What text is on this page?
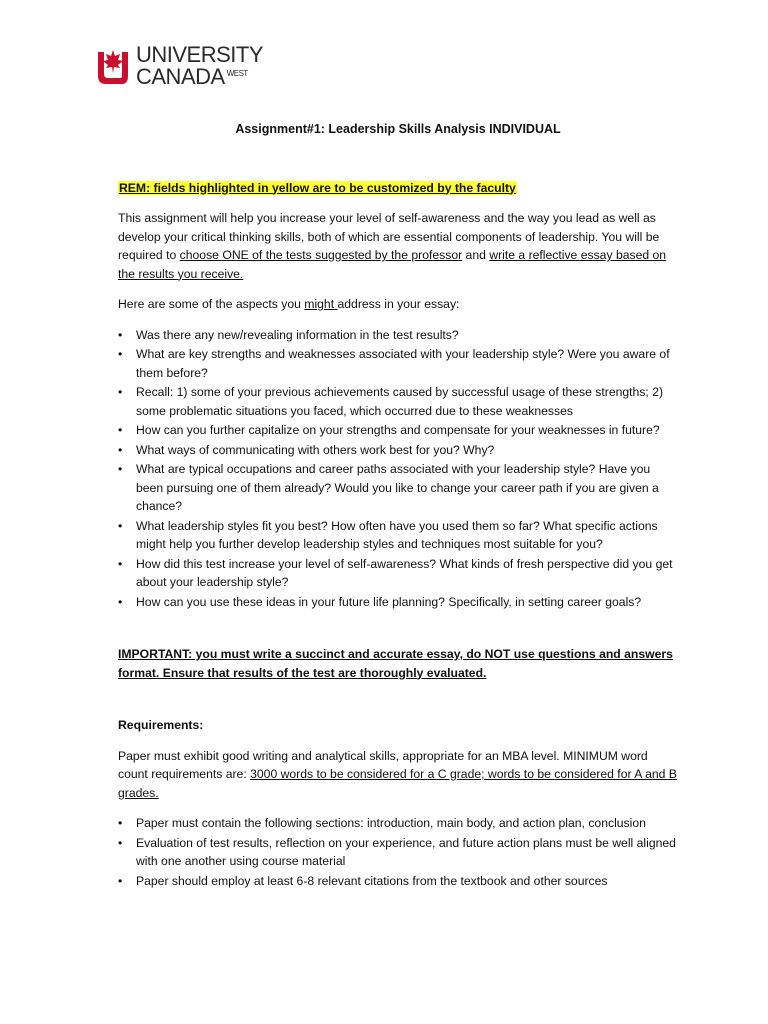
UNIVERSITY
CANADA $^{WEST}$
Assignment#1: Leadership Skills Analysis INDIVIDUAL

REM: fields highlighted in yellow are to be customized by the faculty

This assignment will help you increase your level of self-awareness and the way you lead as well as develop your critical thinking skills, both of which are essential components of leadership. You will be required to choose ONE of the tests suggested by the professor and write a reflective essay based on the results you receive.

Here are some of the aspects you might address in your essay:

• Was there any new/revealing information in the test results?
• What are key strengths and weaknesses associated with your leadership style? Were you aware of them before?
• Recall: 1) some of your previous achievements caused by successful usage of these strengths; 2) some problematic situations you faced, which occurred due to these weaknesses
• How can you further capitalize on your strengths and compensate for your weaknesses in future?
• What ways of communicating with others work best for you? Why?
• What are typical occupations and career paths associated with your leadership style? Have you been pursuing one of them already? Would you like to change your career path if you are given a chance?
• What leadership styles fit you best? How often have you used them so far? What specific actions might help you further develop leadership styles and techniques most suitable for you?
• How did this test increase your level of self-awareness? What kinds of fresh perspective did you get about your leadership style?
• How can you use these ideas in your future life planning? Specifically, in setting career goals?

IMPORTANT: you must write a succinct and accurate essay, do NOT use questions and answers format. Ensure that results of the test are thoroughly evaluated.

Requirements:

Paper must exhibit good writing and analytical skills, appropriate for an MBA level. MINIMUM word count requirements are: 3000 words to be considered for a C grade; words to be considered for A and B grades.

• Paper must contain the following sections: introduction, main body, and action plan, conclusion
• Evaluation of test results, reflection on your experience, and future action plans must be well aligned with one another using course material
• Paper should employ at least 6-8 relevant citations from the textbook and other sources
